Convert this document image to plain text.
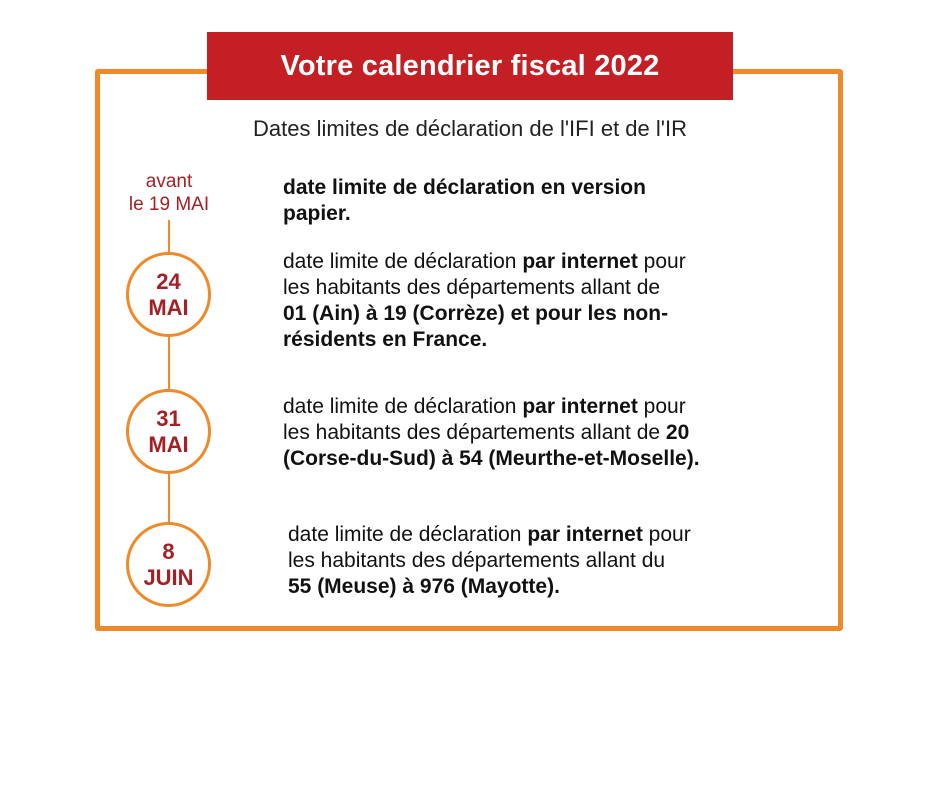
Votre calendrier fiscal 2022
Dates limites de déclaration de l'IFI et de l'IR
avant
le 19 MAI
24
MAI
31
MAI
8
JUIN
date limite de déclaration en version
papier.
date limite de déclaration par internet pour
les habitants des départements allant de
01 (Ain) à 19 (Corrèze) et pour les non-
résidents en France.
date limite de déclaration par internet pour
les habitants des départements allant de 20
(Corse-du-Sud) à 54 (Meurthe-et-Moselle).
date limite de déclaration par internet pour
les habitants des départements allant du
55 (Meuse) à 976 (Mayotte).
